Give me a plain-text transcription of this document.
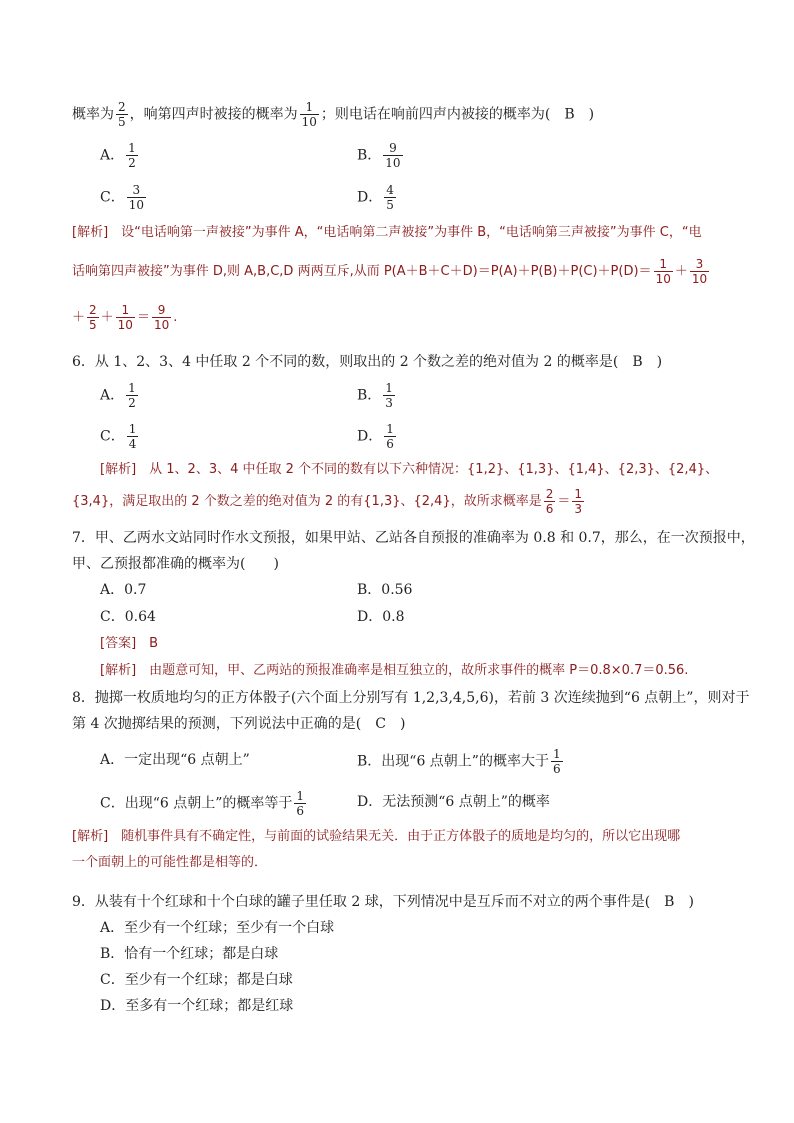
概率为 $\frac{2}{5}$ ，响第四声时被接的概率为 $\frac{1}{10}$ ；则电话在响前四声内被接的概率为(　B　)
A． $\frac{1}{2}$	B． $\frac{9}{10}$
C． $\frac{3}{10}$	D． $\frac{4}{5}$
[解析]　设“电话响第一声被接”为事件 A，“电话响第二声被接”为事件 B，“电话响第三声被接”为事件 C，“电
话响第四声被接”为事件 D,则 A,B,C,D 两两互斥,从而 $P(A+B+C+D)=P(A)+P(B)+P(C)+P(D)= \frac{1}{10} + \frac{3}{10}$
＋ $\frac{2}{5} + \frac{1}{10} = \frac{9}{10}$ .
6．从 1、2、3、4 中任取 2 个不同的数，则取出的 2 个数之差的绝对值为 2 的概率是(　B　)
A． $\frac{1}{2}$	B． $\frac{1}{3}$
C． $\frac{1}{4}$	D． $\frac{1}{6}$
[解析]　从 1、2、3、4 中任取 2 个不同的数有以下六种情况：{1,2}、{1,3}、{1,4}、{2,3}、{2,4}、
{3,4}，满足取出的 2 个数之差的绝对值为 2 的有{1,3}、{2,4}，故所求概率是 $\frac{2}{6} = \frac{1}{3}$
7．甲、乙两水文站同时作水文预报，如果甲站、乙站各自预报的准确率为 0.8 和 0.7，那么，在一次预报中，
甲、乙预报都准确的概率为(　　)
A．0.7	B．0.56
C．0.64	D．0.8
[答案]　B
[解析]　由题意可知，甲、乙两站的预报准确率是相互独立的，故所求事件的概率 P＝0.8×0.7＝0.56.
8．抛掷一枚质地均匀的正方体骰子(六个面上分别写有 1,2,3,4,5,6)，若前 3 次连续抛到“6 点朝上”，则对于
第 4 次抛掷结果的预测，下列说法中正确的是(　C　)
A．一定出现“6 点朝上”	B．出现“6 点朝上”的概率大于 $\frac{1}{6}$
C．出现“6 点朝上”的概率等于 $\frac{1}{6}$	D．无法预测“6 点朝上”的概率
[解析]　随机事件具有不确定性，与前面的试验结果无关．由于正方体骰子的质地是均匀的，所以它出现哪
一个面朝上的可能性都是相等的．
9．从装有十个红球和十个白球的罐子里任取 2 球，下列情况中是互斥而不对立的两个事件是(　B　)
A．至少有一个红球；至少有一个白球
B．恰有一个红球；都是白球
C．至少有一个红球；都是白球
D．至多有一个红球；都是红球
